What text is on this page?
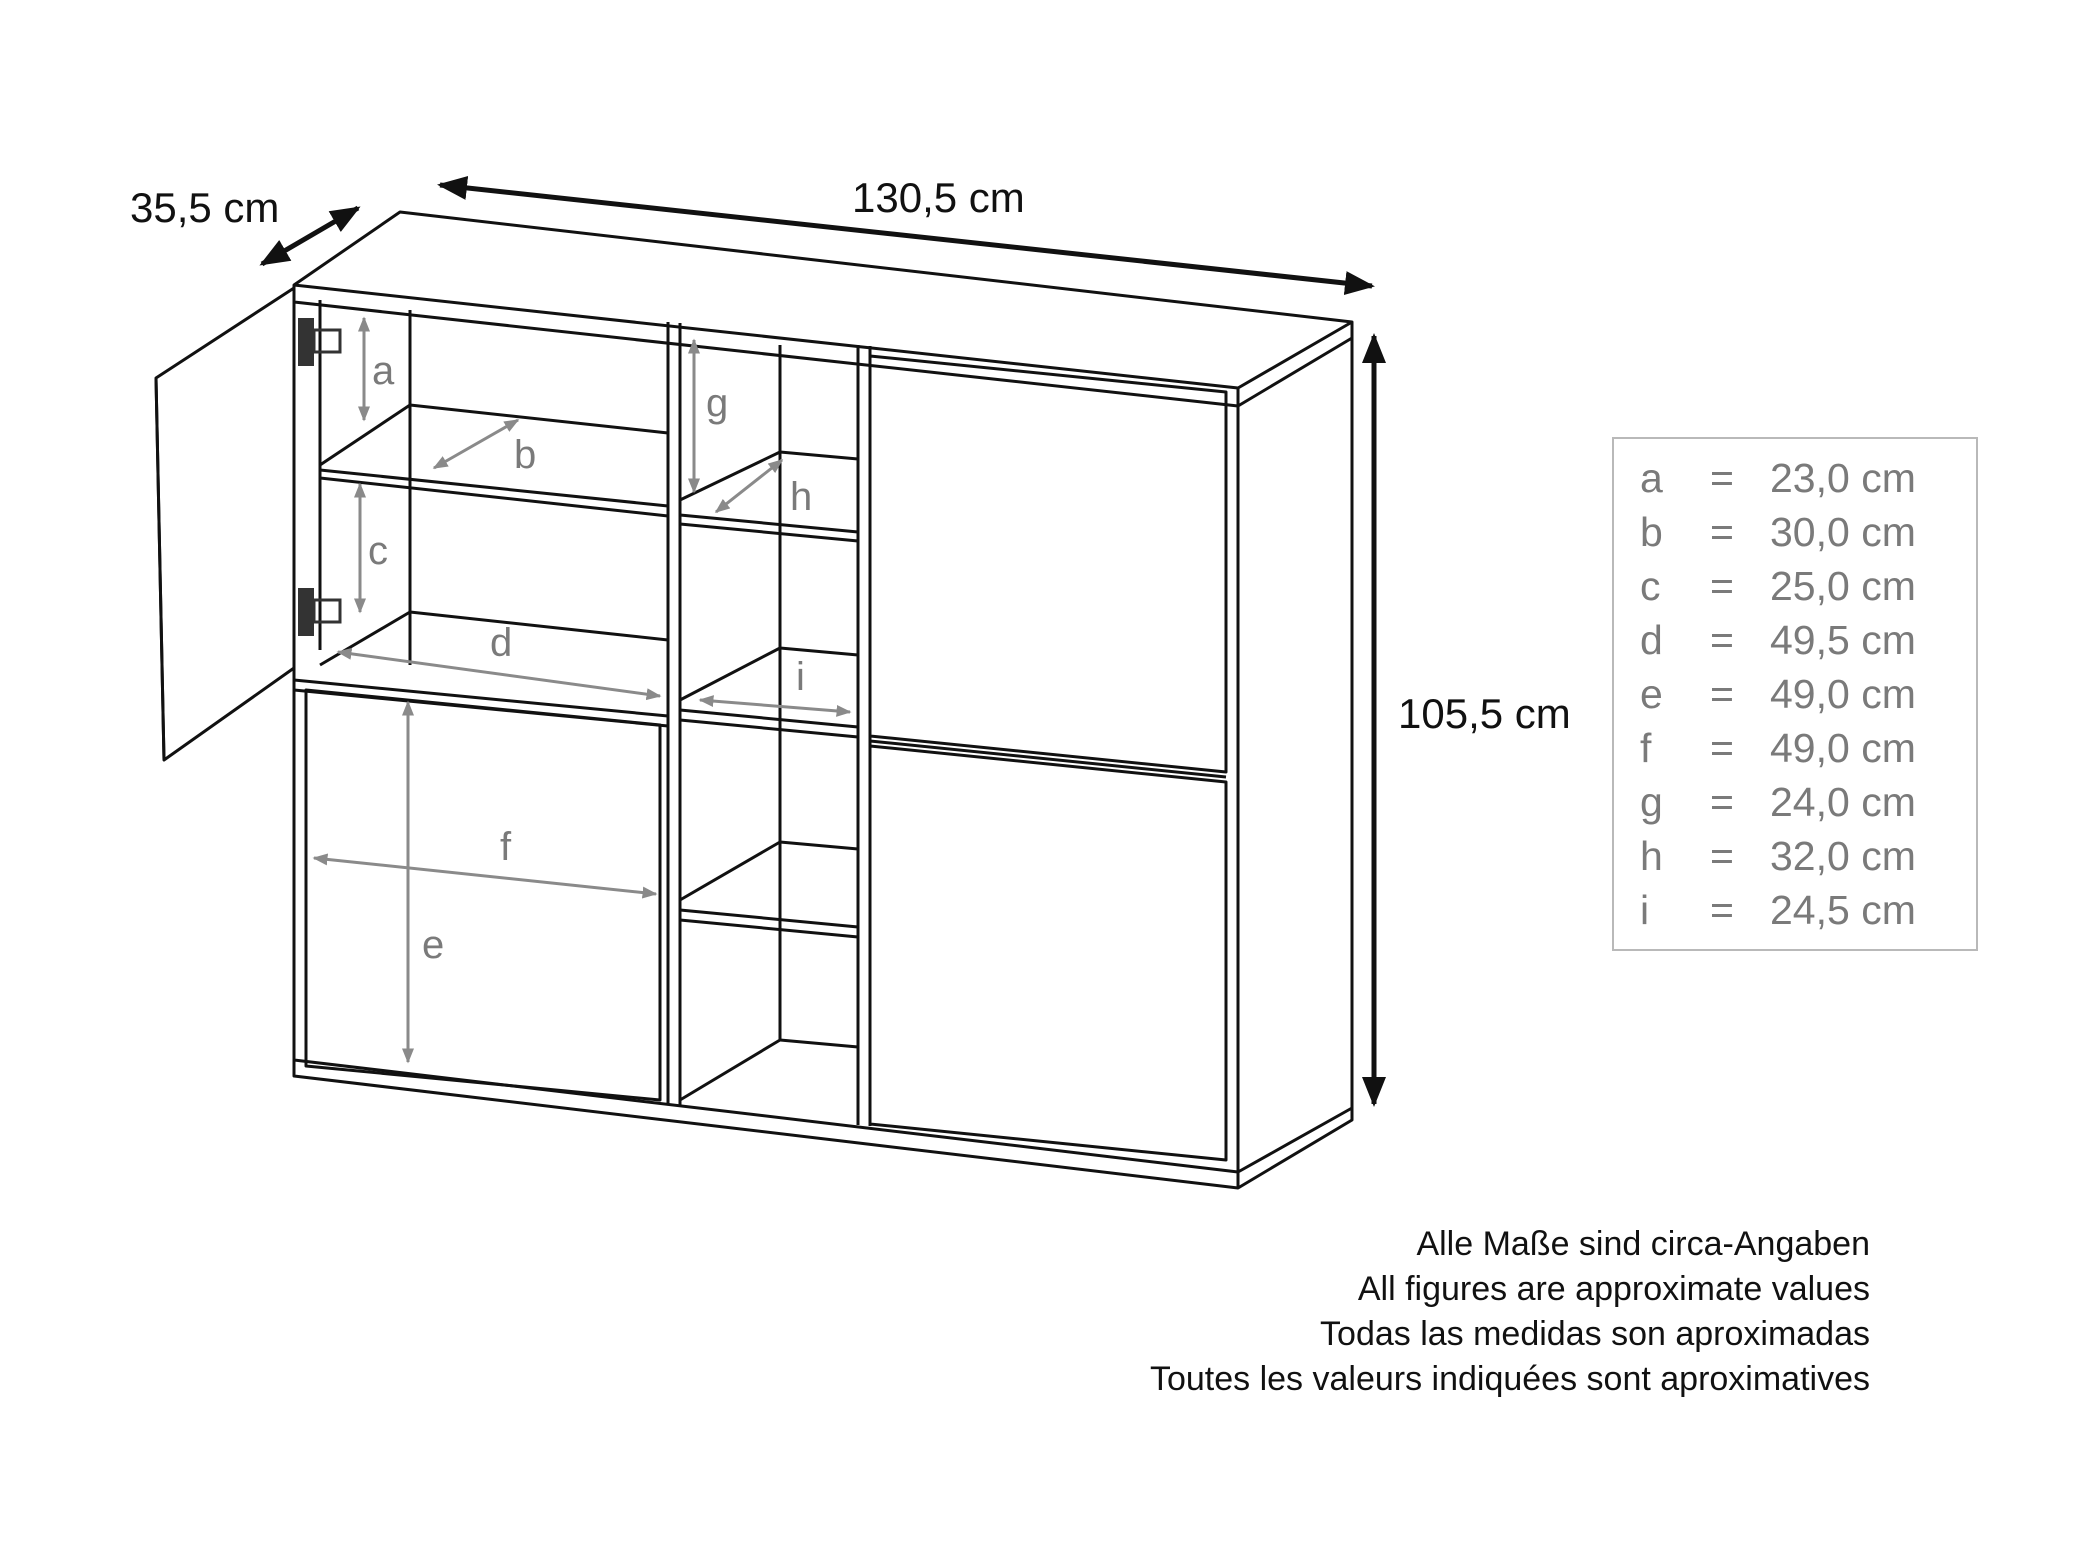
35,5 cm	130,5 cm
105,5 cm
a
b
c
d
e
f
g
h
i
a = 23,0 cm
b = 30,0 cm
c = 25,0 cm
d = 49,5 cm
e = 49,0 cm
f = 49,0 cm
g = 24,0 cm
h = 32,0 cm
i = 24,5 cm
Alle Maße sind circa-Angaben
All figures are approximate values
Todas las medidas son aproximadas
Toutes les valeurs indiquées sont aproximatives
